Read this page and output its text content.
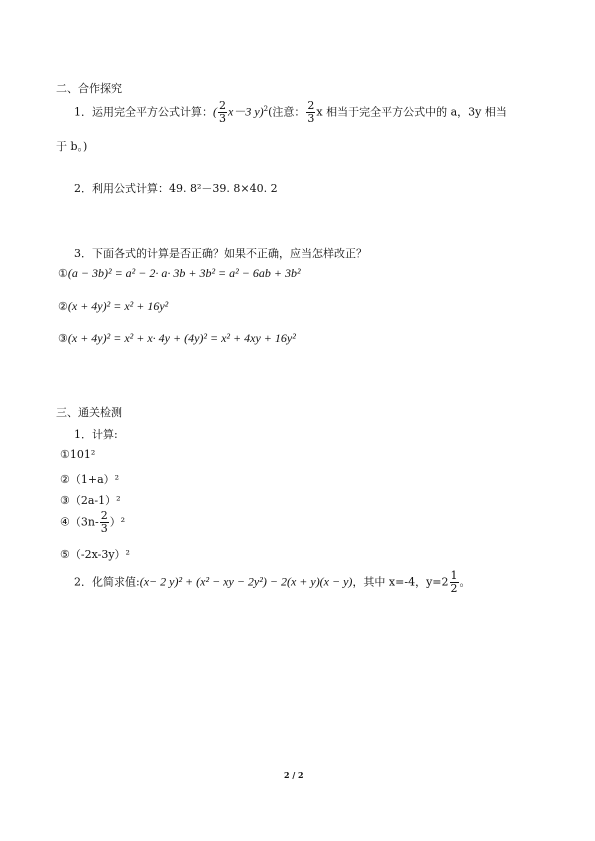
二、合作探究
1．运用完全平方公式计算：( $\frac{2}{3} x-3$ y)$^2$(注意： $\frac{2}{3}$ x 相当于完全平方公式中的 a，3y 相当
于 b。)
2．利用公式计算：49. 8²－39. 8×40. 2
3．下面各式的计算是否正确？如果不正确，应当怎样改正？
①(a − 3b)² = a² − 2· a· 3b + 3b² = a² − 6ab + 3b²
②(x + 4y)² = x² + 16y²
③(x + 4y)² = x² + x· 4y + (4y)² = x² + 4xy + 16y²
三、通关检测
1．计算:
①101²
②（1+a）²
③（2a-1）²
④（3n- $\frac{2}{3} )^2$
⑤（-2x-3y）²
2．化简求值:(x− 2 y)² + (x² − xy − 2y²) − 2(x + y)(x − y)，其中 x=-4，$y=2 \frac{1}{2}$ 。
2 / 2
